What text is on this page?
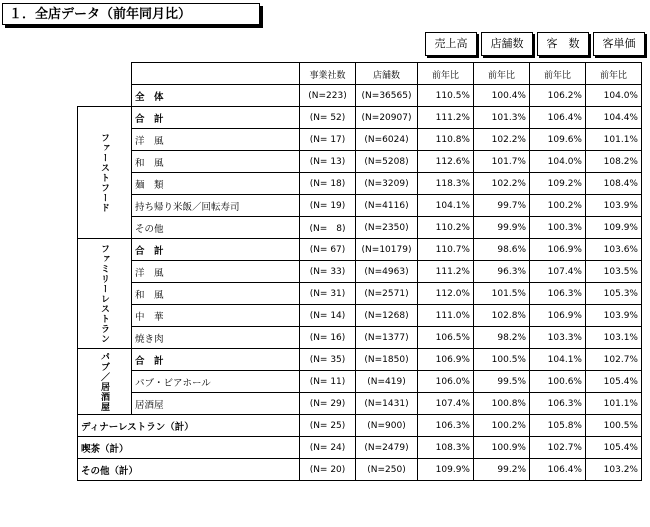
１．全店データ（前年同月比）
売上高	店舗数	客　数	客単価
		事業社数	店舗数	前年比	前年比	前年比	前年比
	全　体	(N=223)	(N=36565)	110.5%	100.4%	106.2%	104.0%
ファーストフード	合　計	(N= 52)	(N=20907)	111.2%	101.3%	106.4%	104.4%
	洋　風	(N= 17)	(N=6024)	110.8%	102.2%	109.6%	101.1%
	和　風	(N= 13)	(N=5208)	112.6%	101.7%	104.0%	108.2%
	麺　類	(N= 18)	(N=3209)	118.3%	102.2%	109.2%	108.4%
	持ち帰り米飯／回転寿司	(N= 19)	(N=4116)	104.1%	99.7%	100.2%	103.9%
	その他	(N=　8)	(N=2350)	110.2%	99.9%	100.3%	109.9%
ファミリーレストラン	合　計	(N= 67)	(N=10179)	110.7%	98.6%	106.9%	103.6%
	洋　風	(N= 33)	(N=4963)	111.2%	96.3%	107.4%	103.5%
	和　風	(N= 31)	(N=2571)	112.0%	101.5%	106.3%	105.3%
	中　華	(N= 14)	(N=1268)	111.0%	102.8%	106.9%	103.9%
	焼き肉	(N= 16)	(N=1377)	106.5%	98.2%	103.3%	103.1%
パブ／居酒屋	合　計	(N= 35)	(N=1850)	106.9%	100.5%	104.1%	102.7%
	パブ・ビアホール	(N= 11)	(N=419)	106.0%	99.5%	100.6%	105.4%
	居酒屋	(N= 29)	(N=1431)	107.4%	100.8%	106.3%	101.1%
ディナーレストラン（計）		(N= 25)	(N=900)	106.3%	100.2%	105.8%	100.5%
喫茶（計）		(N= 24)	(N=2479)	108.3%	100.9%	102.7%	105.4%
その他（計）		(N= 20)	(N=250)	109.9%	99.2%	106.4%	103.2%
